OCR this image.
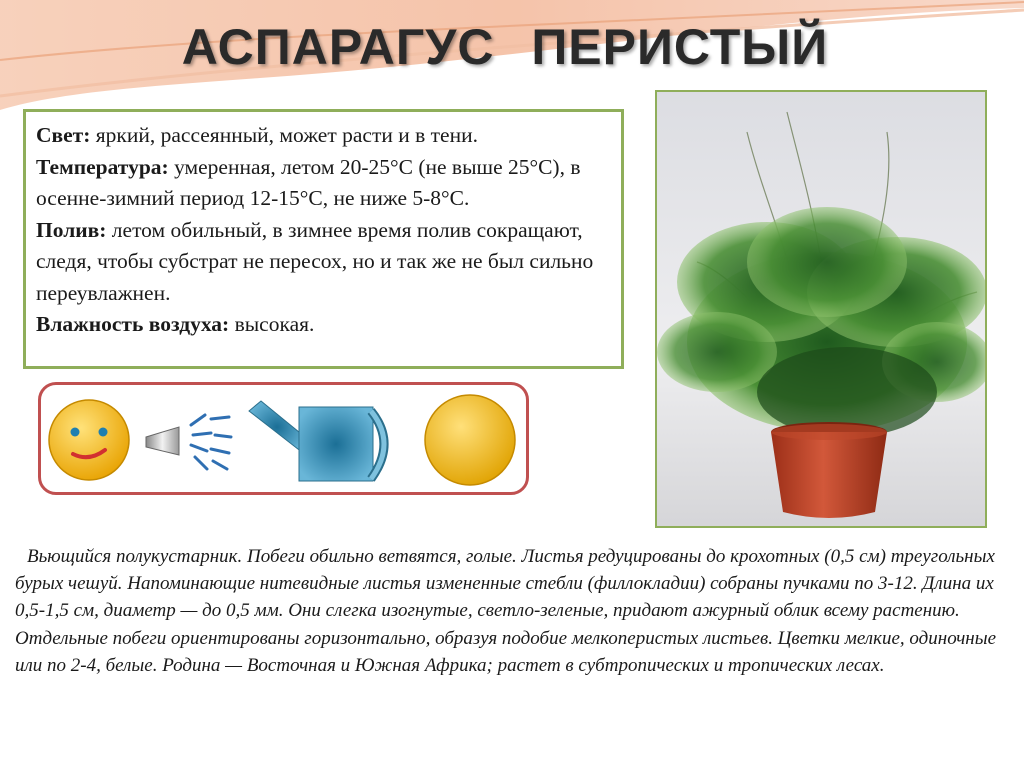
АСПАРАГУС ПЕРИСТЫЙ

Свет: яркий, рассеянный, может расти и в тени.

Температура: умеренная, летом 20-25°С (не выше 25°С), в осенне-зимний период 12-15°С, не ниже 5-8°С.

Полив: летом обильный, в зимнее время полив сокращают, следя, чтобы субстрат не пересох, но и так же не был сильно переувлажнен.

Влажность воздуха: высокая.

Вьющийся полукустарник. Побеги обильно ветвятся, голые. Листья редуцированы до крохотных (0,5 см) треугольных бурых чешуй. Напоминающие нитевидные листья измененные стебли (филлокладии) собраны пучками по 3-12. Длина их 0,5-1,5 см, диаметр — до 0,5 мм. Они слегка изогнутые, светло-зеленые, придают ажурный облик всему растению. Отдельные побеги ориентированы горизонтально, образуя подобие мелкоперистых листьев. Цветки мелкие, одиночные или по 2-4, белые. Родина — Восточная и Южная Африка; растет в субтропических и тропических лесах.
